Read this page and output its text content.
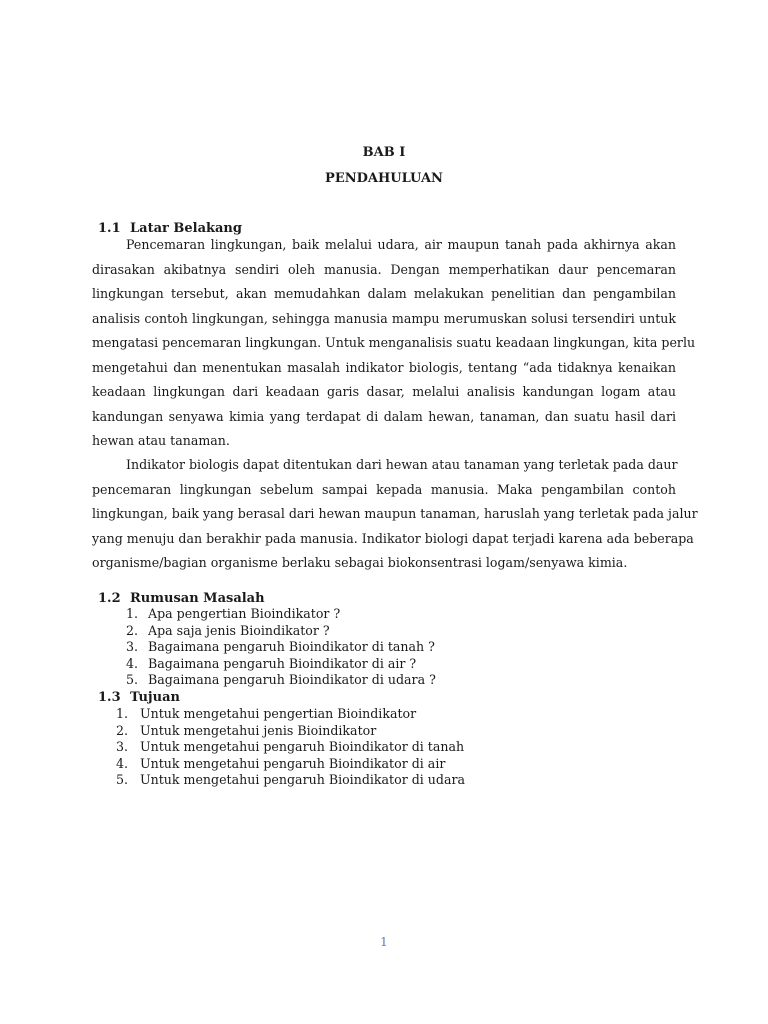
BAB I
PENDAHULUAN
1.1 Latar Belakang
Pencemaran lingkungan, baik melalui udara, air maupun tanah pada akhirnya akan
dirasakan akibatnya sendiri oleh manusia. Dengan memperhatikan daur pencemaran
lingkungan tersebut, akan memudahkan dalam melakukan penelitian dan pengambilan
analisis contoh lingkungan, sehingga manusia mampu merumuskan solusi tersendiri untuk
mengatasi pencemaran lingkungan. Untuk menganalisis suatu keadaan lingkungan, kita perlu
mengetahui dan menentukan masalah indikator biologis, tentang “ada tidaknya kenaikan
keadaan lingkungan dari keadaan garis dasar, melalui analisis kandungan logam atau
kandungan senyawa kimia yang terdapat di dalam hewan, tanaman, dan suatu hasil dari
hewan atau tanaman.
Indikator biologis dapat ditentukan dari hewan atau tanaman yang terletak pada daur
pencemaran lingkungan sebelum sampai kepada manusia. Maka pengambilan contoh
lingkungan, baik yang berasal dari hewan maupun tanaman, haruslah yang terletak pada jalur
yang menuju dan berakhir pada manusia. Indikator biologi dapat terjadi karena ada beberapa
organisme/bagian organisme berlaku sebagai biokonsentrasi logam/senyawa kimia.
1.2 Rumusan Masalah
1. Apa pengertian Bioindikator ?
2. Apa saja jenis Bioindikator ?
3. Bagaimana pengaruh Bioindikator di tanah ?
4. Bagaimana pengaruh Bioindikator di air ?
5. Bagaimana pengaruh Bioindikator di udara ?
1.3 Tujuan
1. Untuk mengetahui pengertian Bioindikator
2. Untuk mengetahui jenis Bioindikator
3. Untuk mengetahui pengaruh Bioindikator di tanah
4. Untuk mengetahui pengaruh Bioindikator di air
5. Untuk mengetahui pengaruh Bioindikator di udara
1
